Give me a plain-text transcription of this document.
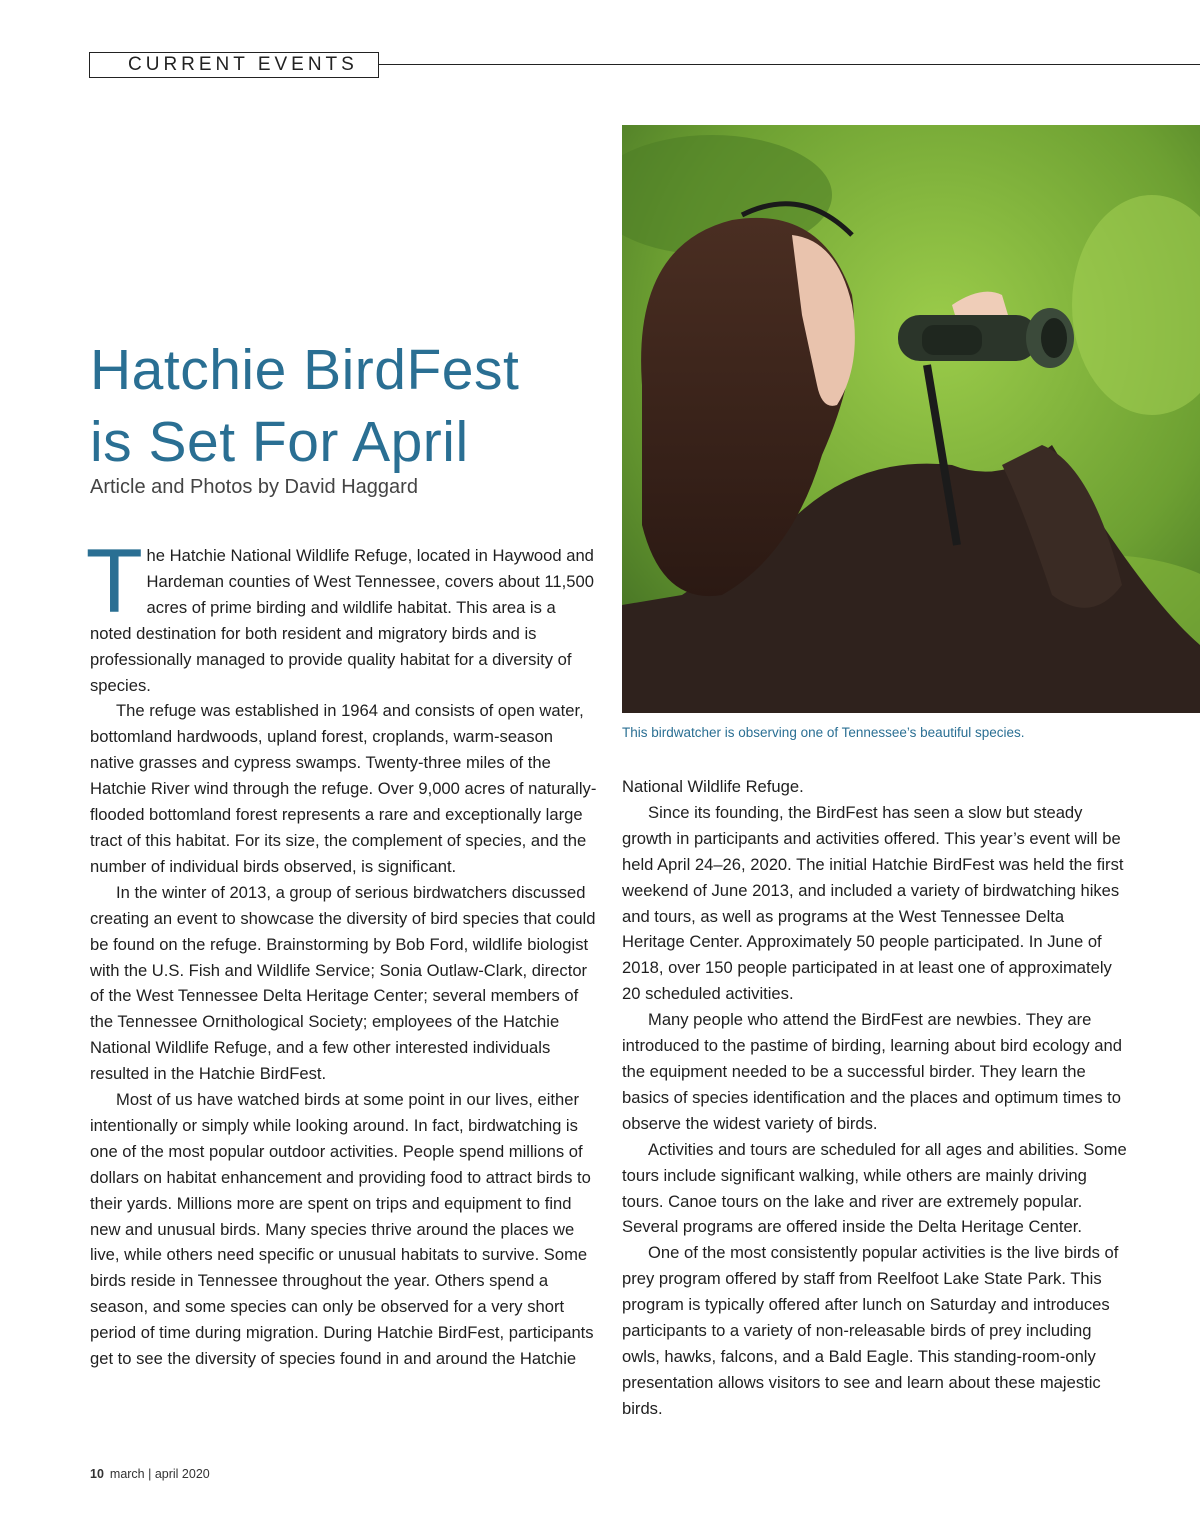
CURRENT EVENTS
Hatchie BirdFest
is Set For April

Article and Photos by David Haggard

The Hatchie National Wildlife Refuge, located in Haywood and Hardeman counties of West Tennessee, covers about 11,500 acres of prime birding and wildlife habitat. This area is a noted destination for both resident and migratory birds and is professionally managed to provide quality habitat for a diversity of species.

The refuge was established in 1964 and consists of open water, bottomland hardwoods, upland forest, croplands, warm-season native grasses and cypress swamps. Twenty-three miles of the Hatchie River wind through the refuge. Over 9,000 acres of naturally-flooded bottomland forest represents a rare and exceptionally large tract of this habitat. For its size, the complement of species, and the number of individual birds observed, is significant.

In the winter of 2013, a group of serious birdwatchers discussed creating an event to showcase the diversity of bird species that could be found on the refuge. Brainstorming by Bob Ford, wildlife biologist with the U.S. Fish and Wildlife Service; Sonia Outlaw-Clark, director of the West Tennessee Delta Heritage Center; several members of the Tennessee Ornithological Society; employees of the Hatchie National Wildlife Refuge, and a few other interested individuals resulted in the Hatchie BirdFest.

Most of us have watched birds at some point in our lives, either intentionally or simply while looking around. In fact, birdwatching is one of the most popular outdoor activities. People spend millions of dollars on habitat enhancement and providing food to attract birds to their yards. Millions more are spent on trips and equipment to find new and unusual birds. Many species thrive around the places we live, while others need specific or unusual habitats to survive. Some birds reside in Tennessee throughout the year. Others spend a season, and some species can only be observed for a very short period of time during migration. During Hatchie BirdFest, participants get to see the diversity of species found in and around the Hatchie

This birdwatcher is observing one of Tennessee’s beautiful species.

National Wildlife Refuge.

Since its founding, the BirdFest has seen a slow but steady growth in participants and activities offered. This year’s event will be held April 24–26, 2020. The initial Hatchie BirdFest was held the first weekend of June 2013, and included a variety of birdwatching hikes and tours, as well as programs at the West Tennessee Delta Heritage Center. Approximately 50 people participated. In June of 2018, over 150 people participated in at least one of approximately 20 scheduled activities.

Many people who attend the BirdFest are newbies. They are introduced to the pastime of birding, learning about bird ecology and the equipment needed to be a successful birder. They learn the basics of species identification and the places and optimum times to observe the widest variety of birds.

Activities and tours are scheduled for all ages and abilities. Some tours include significant walking, while others are mainly driving tours. Canoe tours on the lake and river are extremely popular. Several programs are offered inside the Delta Heritage Center.

One of the most consistently popular activities is the live birds of prey program offered by staff from Reelfoot Lake State Park. This program is typically offered after lunch on Saturday and introduces participants to a variety of non-releasable birds of prey including owls, hawks, falcons, and a Bald Eagle. This standing-room-only presentation allows visitors to see and learn about these majestic birds.

10 march | april 2020
